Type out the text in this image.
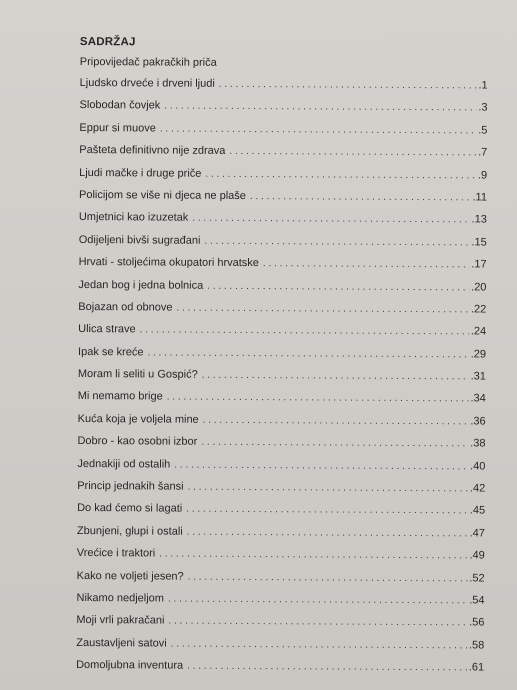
SADRŽAJ
Pripovijedač pakračkih priča
Ljudsko drveće i drveni ljudi . . .	.1
Slobodan čovjek . . .	.3
Eppur si muove . . .	.5
Pašteta definitivno nije zdrava . . .	.7
Ljudi mačke i druge priče . . .	.9
Policijom se više ni djeca ne plaše . . .	.11
Umjetnici kao izuzetak . . .	.13
Odijeljeni bivši sugrađani . . .	.15
Hrvati - stoljećima okupatori hrvatske . . .	.17
Jedan bog i jedna bolnica . . .	.20
Bojazan od obnove . . .	.22
Ulica strave . . .	.24
Ipak se kreće . . .	.29
Moram li seliti u Gospić? . . .	.31
Mi nemamo brige . . .	.34
Kuća koja je voljela mine . . .	.36
Dobro - kao osobni izbor . . .	.38
Jednakiji od ostalih . . .	.40
Princip jednakih šansi . . .	.42
Do kad ćemo si lagati . . .	.45
Zbunjeni, glupi i ostali . . .	.47
Vrećice i traktori . . .	.49
Kako ne voljeti jesen? . . .	.52
Nikamo nedjeljom . . .	.54
Moji vrli pakračani . . .	.56
Zaustavljeni satovi . . .	.58
Domoljubna inventura . . .	.61
